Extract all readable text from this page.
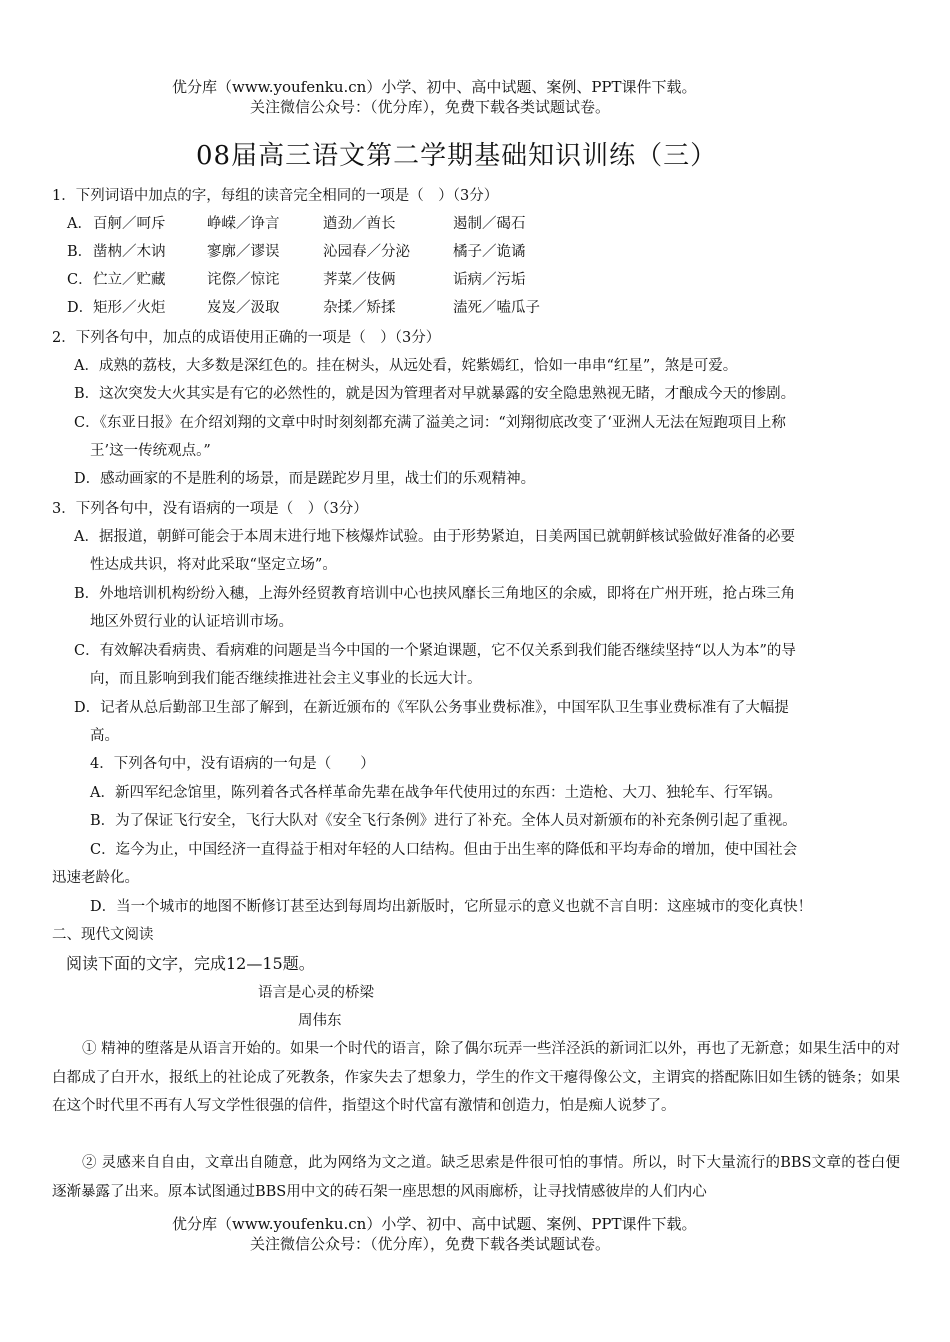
优分库（www.youfenku.cn）小学、初中、高中试题、案例、PPT课件下载。
关注微信公众号：（优分库），免费下载各类试题试卷。
08届高三语文第二学期基础知识训练（三）
1．下列词语中加点的字，每组的读音完全相同的一项是（　）（3分）
A． 百舸／呵斥	峥嵘／诤言	遒劲／酋长	遏制／碣石
B． 凿枘／木讷	寥廓／谬误	沁园春／分泌	橘子／诡谲
C． 伫立／贮藏	诧傺／惊诧	荠菜／伎俩	诟病／污垢
D． 矩形／火炬	岌岌／汲取	杂揉／矫揉	溘死／嗑瓜子
2．下列各句中，加点的成语使用正确的一项是（　）（3分）
A．成熟的荔枝，大多数是深红色的。挂在树头，从远处看，姹紫嫣红，恰如一串串“红星”，煞是可爱。
B．这次突发大火其实是有它的必然性的，就是因为管理者对早就暴露的安全隐患熟视无睹，才酿成今天的惨剧。
C．《东亚日报》在介绍刘翔的文章中时时刻刻都充满了溢美之词：“刘翔彻底改变了‘亚洲人无法在短跑项目上称
王’这一传统观点。”
D．感动画家的不是胜利的场景，而是蹉跎岁月里，战士们的乐观精神。
3．下列各句中，没有语病的一项是（　）（3分）
A．据报道，朝鲜可能会于本周末进行地下核爆炸试验。由于形势紧迫，日美两国已就朝鲜核试验做好准备的必要
性达成共识，将对此采取“坚定立场”。
B．外地培训机构纷纷入穗，上海外经贸教育培训中心也挟风靡长三角地区的余威，即将在广州开班，抢占珠三角
地区外贸行业的认证培训市场。
C．有效解决看病贵、看病难的问题是当今中国的一个紧迫课题，它不仅关系到我们能否继续坚持“以人为本”的导
向，而且影响到我们能否继续推进社会主义事业的长远大计。
D．记者从总后勤部卫生部了解到，在新近颁布的《军队公务事业费标准》，中国军队卫生事业费标准有了大幅提
高。
4．下列各句中，没有语病的一句是（　　）
A．新四军纪念馆里，陈列着各式各样革命先辈在战争年代使用过的东西：土造枪、大刀、独轮车、行军锅。
B．为了保证飞行安全，飞行大队对《安全飞行条例》进行了补充。全体人员对新颁布的补充条例引起了重视。
C．迄今为止，中国经济一直得益于相对年轻的人口结构。但由于出生率的降低和平均寿命的增加，使中国社会
迅速老龄化。
D．当一个城市的地图不断修订甚至达到每周均出新版时，它所显示的意义也就不言自明：这座城市的变化真快！
二、现代文阅读
阅读下面的文字，完成12—15题。
语言是心灵的桥梁
周伟东
① 精神的堕落是从语言开始的。如果一个时代的语言，除了偶尔玩弄一些洋泾浜的新词汇以外，再也了无新意；如果生活中的对白都成了白开水，报纸上的社论成了死教条，作家失去了想象力，学生的作文干瘪得像公文，主谓宾的搭配陈旧如生锈的链条；如果在这个时代里不再有人写文学性很强的信件，指望这个时代富有激情和创造力，怕是痴人说梦了。
② 灵感来自自由，文章出自随意，此为网络为文之道。缺乏思索是件很可怕的事情。所以，时下大量流行的BBS文章的苍白便逐渐暴露了出来。原本试图通过BBS用中文的砖石架一座思想的风雨廊桥，让寻找情感彼岸的人们内心
优分库（www.youfenku.cn）小学、初中、高中试题、案例、PPT课件下载。
关注微信公众号：（优分库），免费下载各类试题试卷。
